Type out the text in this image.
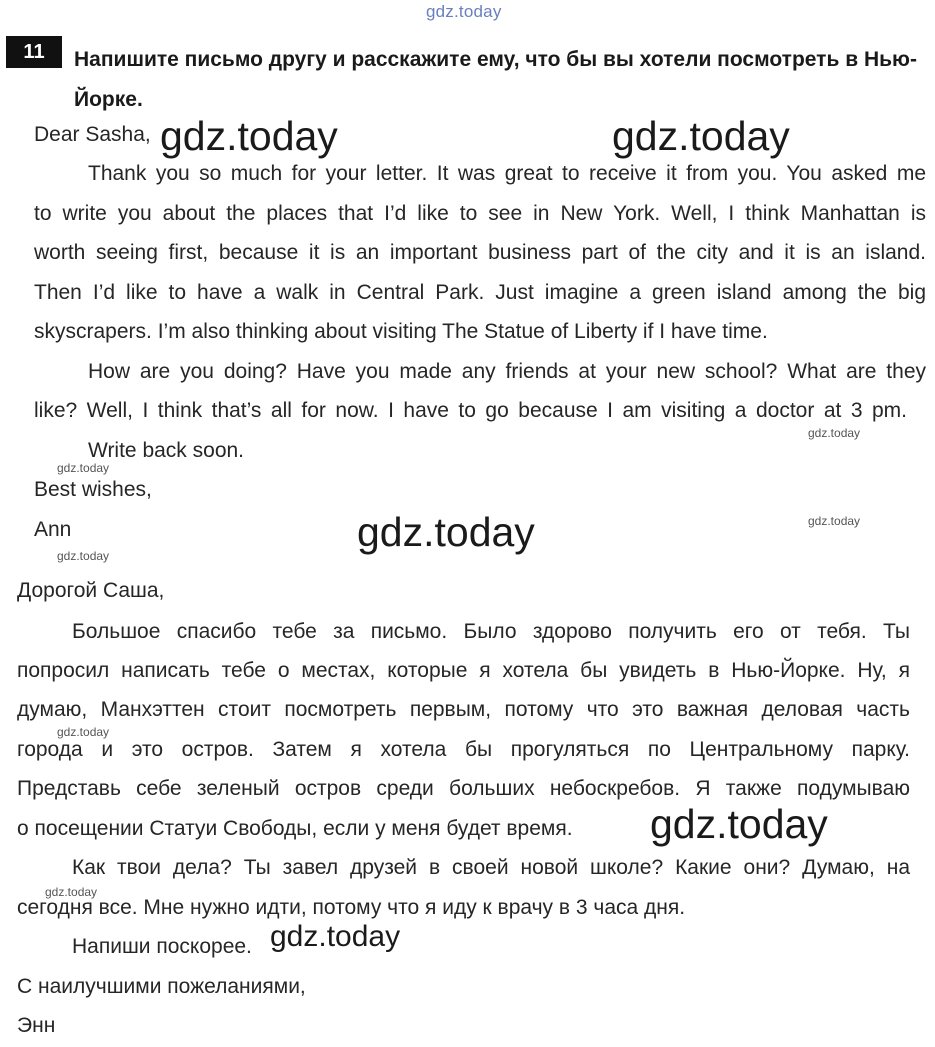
gdz.today
11	Напишите письмо другу и расскажите ему, что бы вы хотели посмотреть в Нью-Йорке.
Dear Sasha,
Thank you so much for your letter. It was great to receive it from you. You asked me
to write you about the places that I’d like to see in New York. Well, I think Manhattan is
worth seeing first, because it is an important business part of the city and it is an island.
Then I’d like to have a walk in Central Park. Just imagine a green island among the big
skyscrapers. I’m also thinking about visiting The Statue of Liberty if I have time.
How are you doing? Have you made any friends at your new school? What are they
like? Well, I think that’s all for now. I have to go because I am visiting a doctor at 3 pm.
Write back soon.
Best wishes,
Ann
Дорогой Саша,
Большое спасибо тебе за письмо. Было здорово получить его от тебя. Ты
попросил написать тебе о местах, которые я хотела бы увидеть в Нью-Йорке. Ну, я
думаю, Манхэттен стоит посмотреть первым, потому что это важная деловая часть
города и это остров. Затем я хотела бы прогуляться по Центральному парку.
Представь себе зеленый остров среди больших небоскребов. Я также подумываю
о посещении Статуи Свободы, если у меня будет время.
Как твои дела? Ты завел друзей в своей новой школе? Какие они? Думаю, на
сегодня все. Мне нужно идти, потому что я иду к врачу в 3 часа дня.
Напиши поскорее.
С наилучшими пожеланиями,
Энн
gdz.today	gdz.today
gdz.today
gdz.today
gdz.today
gdz.today
gdz.today
gdz.today
gdz.today
gdz.today
gdz.today
